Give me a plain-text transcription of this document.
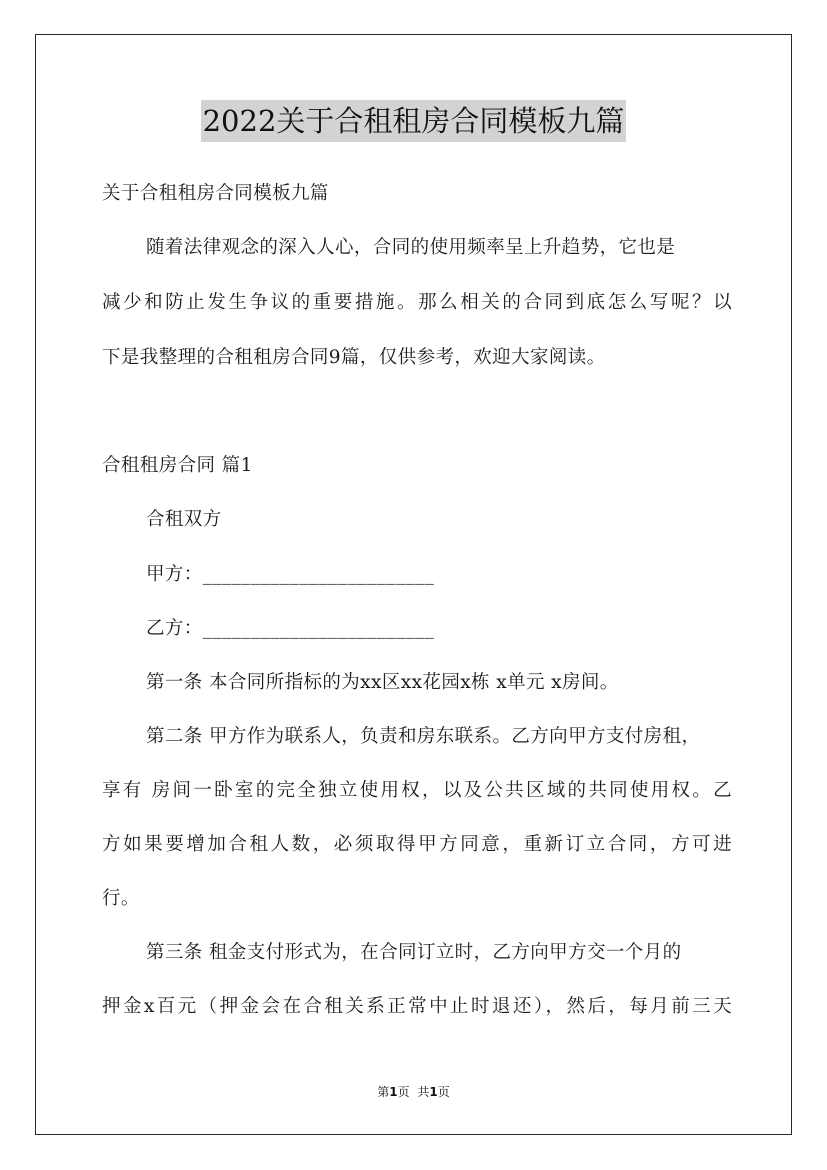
2022关于合租租房合同模板九篇
关于合租租房合同模板九篇
随着法律观念的深入人心，合同的使用频率呈上升趋势，它也是
减少和防止发生争议的重要措施。那么相关的合同到底怎么写呢？以
下是我整理的合租租房合同9篇，仅供参考，欢迎大家阅读。
合租租房合同 篇1
合租双方
甲方：________________________
乙方：________________________
第一条 本合同所指标的为xx区xx花园x栋 x单元 x房间。
第二条 甲方作为联系人，负责和房东联系。乙方向甲方支付房租，
享有 房间一卧室的完全独立使用权，以及公共区域的共同使用权。乙
方如果要增加合租人数，必须取得甲方同意，重新订立合同，方可进
行。
第三条 租金支付形式为，在合同订立时，乙方向甲方交一个月的
押金x百元（押金会在合租关系正常中止时退还），然后，每月前三天
第1页 共1页
